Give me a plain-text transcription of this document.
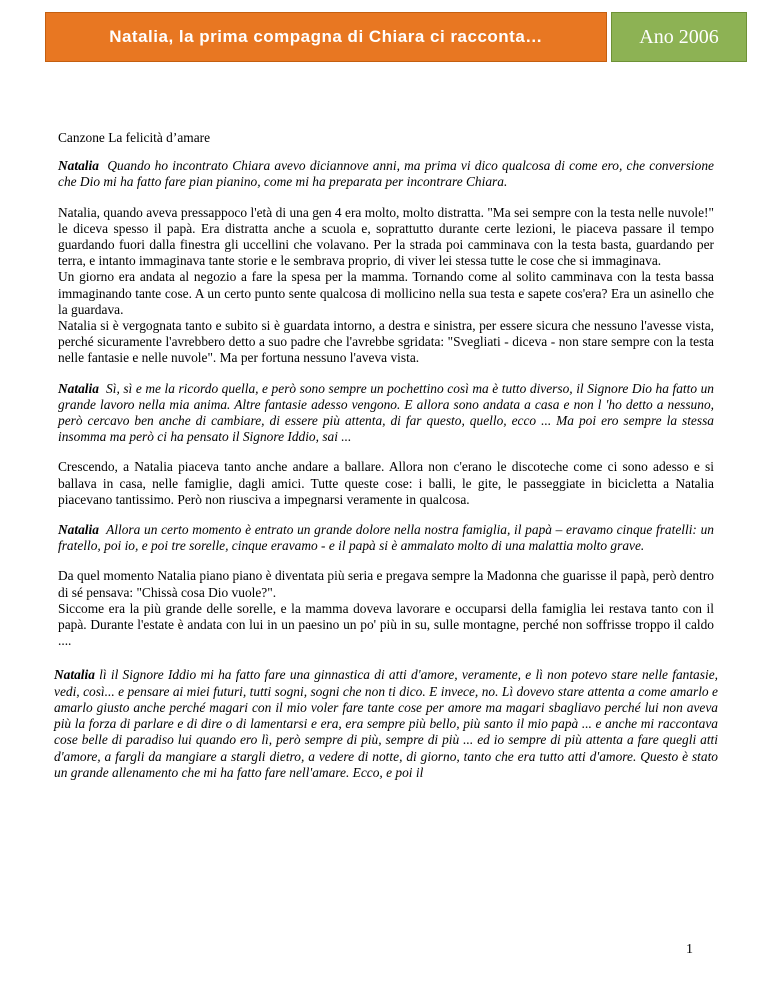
Natalia, la prima compagna di Chiara ci racconta…	Ano 2006

Canzone La felicità d’amare

Natalia Quando ho incontrato Chiara avevo diciannove anni, ma prima vi dico qualcosa di come ero, che conversione che Dio mi ha fatto fare pian pianino, come mi ha preparata per incontrare Chiara.

Natalia, quando aveva pressappoco l'età di una gen 4 era molto, molto distratta. "Ma sei sempre con la testa nelle nuvole!" le diceva spesso il papà. Era distratta anche a scuola e, soprattutto durante certe lezioni, le piaceva passare il tempo guardando fuori dalla finestra gli uccellini che volavano. Per la strada poi camminava con la testa basta, guardando per terra, e intanto immaginava tante storie e le sembrava proprio, di viver lei stessa tutte le cose che si immaginava.
Un giorno era andata al negozio a fare la spesa per la mamma. Tornando come al solito camminava con la testa bassa immaginando tante cose. A un certo punto sente qualcosa di mollicino nella sua testa e sapete cos'era? Era un asinello che la guardava.
Natalia si è vergognata tanto e subito si è guardata intorno, a destra e sinistra, per essere sicura che nessuno l'avesse vista, perché sicuramente l'avrebbero detto a suo padre che l'avrebbe sgridata: "Svegliati - diceva - non stare sempre con la testa nelle fantasie e nelle nuvole". Ma per fortuna nessuno l'aveva vista.

Natalia Sì, sì e me la ricordo quella, e però sono sempre un pochettino così ma è tutto diverso, il Signore Dio ha fatto un grande lavoro nella mia anima. Altre fantasie adesso vengono. E allora sono andata a casa e non l 'ho detto a nessuno, però cercavo ben anche di cambiare, di essere più attenta, di far questo, quello, ecco ... Ma poi ero sempre la stessa insomma ma però ci ha pensato il Signore Iddio, sai ...

Crescendo, a Natalia piaceva tanto anche andare a ballare. Allora non c'erano le discoteche come ci sono adesso e si ballava in casa, nelle famiglie, dagli amici. Tutte queste cose: i balli, le gite, le passeggiate in bicicletta a Natalia piacevano tantissimo. Però non riusciva a impegnarsi veramente in qualcosa.

Natalia Allora un certo momento è entrato un grande dolore nella nostra famiglia, il papà – eravamo cinque fratelli: un fratello, poi io, e poi tre sorelle, cinque eravamo - e il papà si è ammalato molto di una malattia molto grave.

Da quel momento Natalia piano piano è diventata più seria e pregava sempre la Madonna che guarisse il papà, però dentro di sé pensava: "Chissà cosa Dio vuole?".
Siccome era la più grande delle sorelle, e la mamma doveva lavorare e occuparsi della famiglia lei restava tanto con il papà. Durante l'estate è andata con lui in un paesino un po' più in su, sulle montagne, perché non soffrisse troppo il caldo ....

Natalia lì il Signore Iddio mi ha fatto fare una ginnastica di atti d'amore, veramente, e lì non potevo stare nelle fantasie, vedi, così... e pensare ai miei futuri, tutti sogni, sogni che non ti dico. E invece, no. Lì dovevo stare attenta a come amarlo e amarlo giusto anche perché magari con il mio voler fare tante cose per amore ma magari sbagliavo perché lui non aveva più la forza di parlare e di dire o di lamentarsi e era, era sempre più bello, più santo il mio papà ... e anche mi raccontava cose belle di paradiso lui quando ero lì, però sempre di più, sempre di più ... ed io sempre di più attenta a fare quegli atti d'amore, a fargli da mangiare a stargli dietro, a vedere di notte, di giorno, tanto che era tutto atti d'amore. Questo è stato un grande allenamento che mi ha fatto fare nell'amare. Ecco, e poi il

1
